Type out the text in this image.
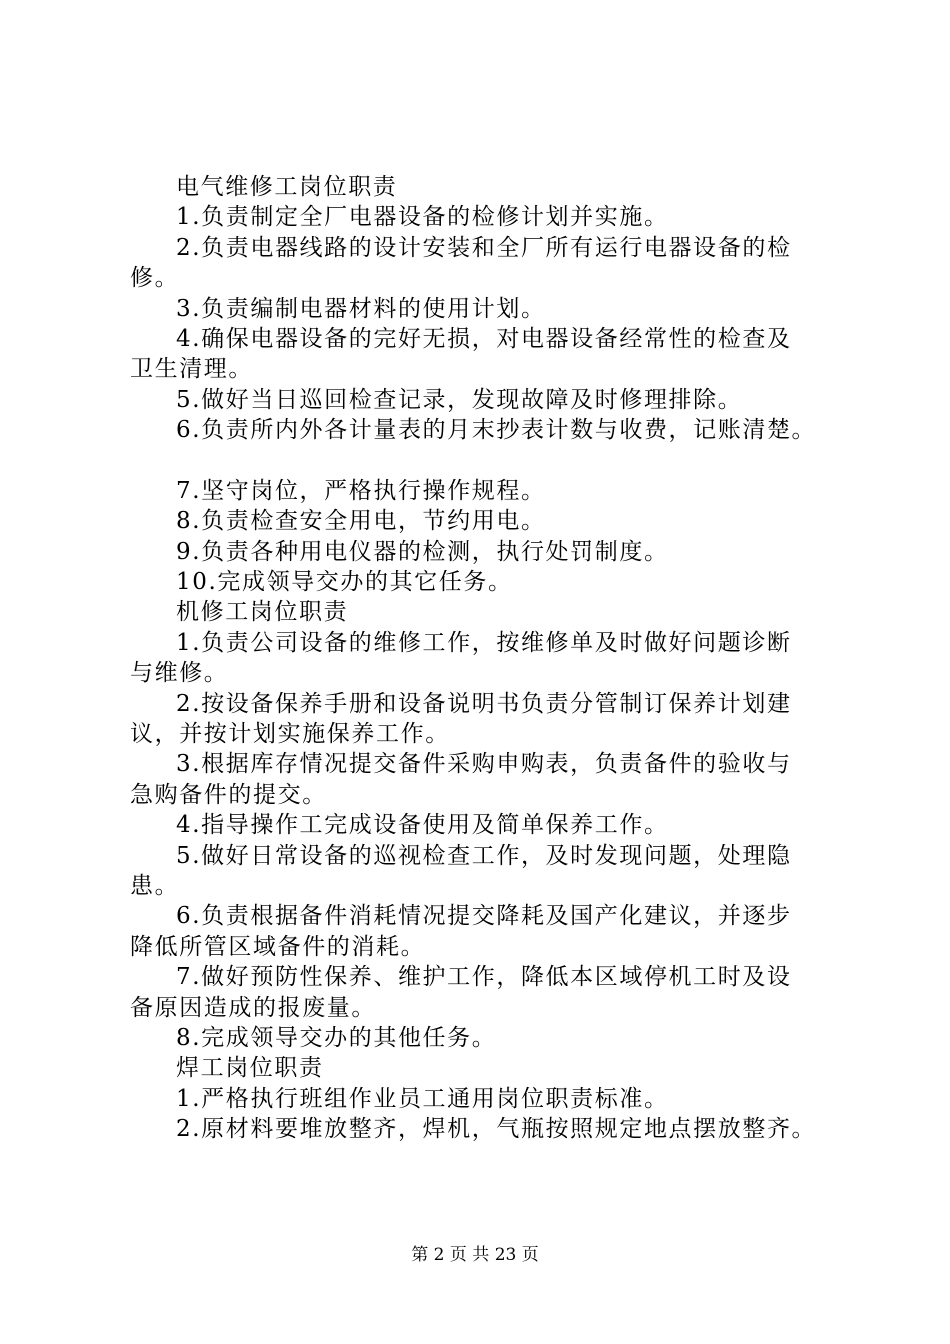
电气维修工岗位职责
1.负责制定全厂电器设备的检修计划并实施。
2.负责电器线路的设计安装和全厂所有运行电器设备的检
修。
3.负责编制电器材料的使用计划。
4.确保电器设备的完好无损，对电器设备经常性的检查及
卫生清理。
5.做好当日巡回检查记录，发现故障及时修理排除。
6.负责所内外各计量表的月末抄表计数与收费，记账清楚。
7.坚守岗位，严格执行操作规程。
8.负责检查安全用电，节约用电。
9.负责各种用电仪器的检测，执行处罚制度。
10.完成领导交办的其它任务。
机修工岗位职责
1.负责公司设备的维修工作，按维修单及时做好问题诊断
与维修。
2.按设备保养手册和设备说明书负责分管制订保养计划建
议，并按计划实施保养工作。
3.根据库存情况提交备件采购申购表，负责备件的验收与
急购备件的提交。
4.指导操作工完成设备使用及简单保养工作。
5.做好日常设备的巡视检查工作，及时发现问题，处理隐
患。
6.负责根据备件消耗情况提交降耗及国产化建议，并逐步
降低所管区域备件的消耗。
7.做好预防性保养、维护工作，降低本区域停机工时及设
备原因造成的报废量。
8.完成领导交办的其他任务。
焊工岗位职责
1.严格执行班组作业员工通用岗位职责标准。
2.原材料要堆放整齐，焊机，气瓶按照规定地点摆放整齐。
第 2 页 共 23 页
